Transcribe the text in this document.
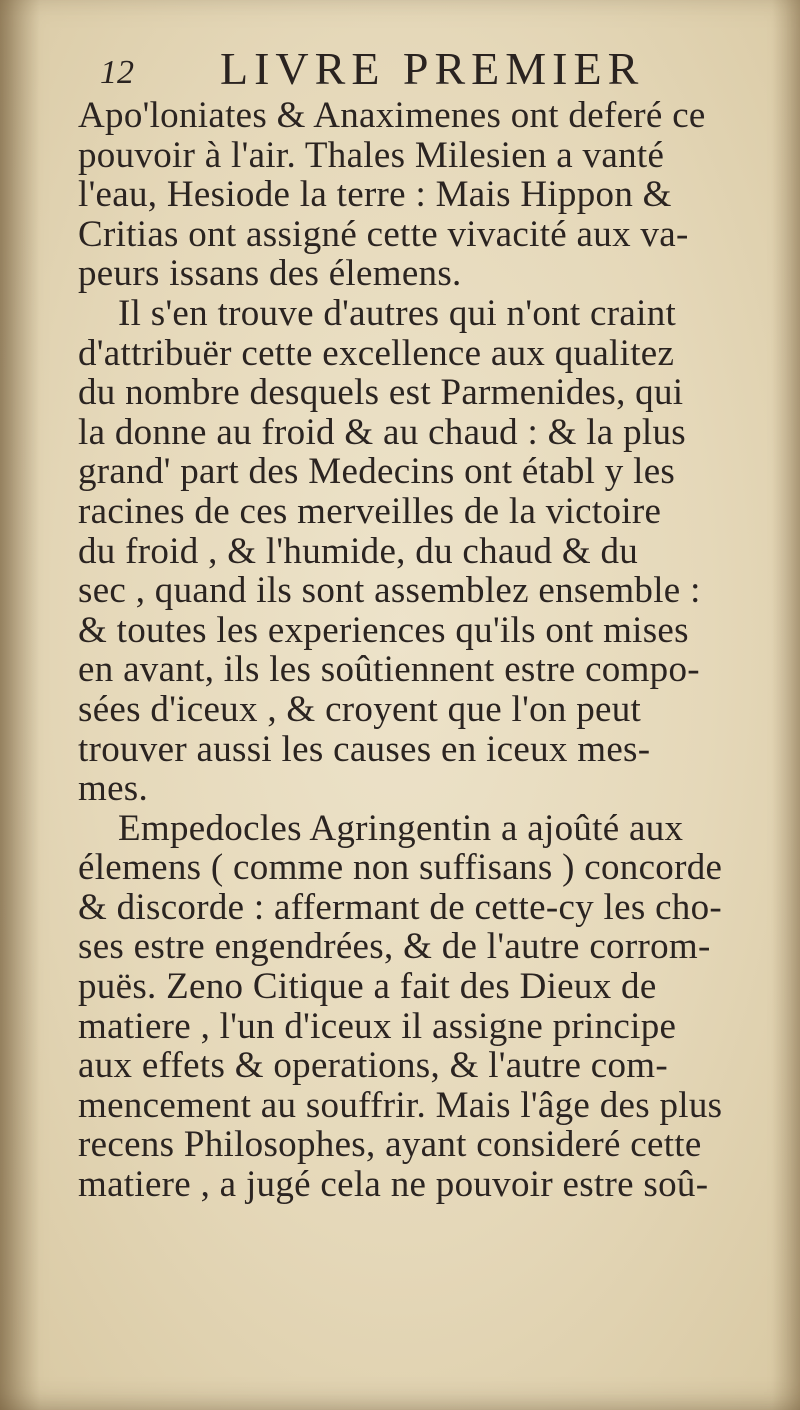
12 LIVRE PREMIER
Apo'loniates & Anaximenes ont deferé ce
pouvoir à l'air. Thales Milesien a vanté
l'eau, Hesiode la terre : Mais Hippon &
Critias ont assigné cette vivacité aux va-
peurs issans des élemens.
Il s'en trouve d'autres qui n'ont craint
d'attribuër cette excellence aux qualitez
du nombre desquels est Parmenides, qui
la donne au froid & au chaud : & la plus
grand' part des Medecins ont établ y les
racines de ces merveilles de la victoire
du froid , & l'humide, du chaud & du
sec , quand ils sont assemblez ensemble :
& toutes les experiences qu'ils ont mises
en avant, ils les soûtiennent estre compo-
sées d'iceux , & croyent que l'on peut
trouver aussi les causes en iceux mes-
mes.
Empedocles Agringentin a ajoûté aux
élemens ( comme non suffisans ) concorde
& discorde : affermant de cette-cy les cho-
ses estre engendrées, & de l'autre corrom-
puës. Zeno Citique a fait des Dieux de
matiere , l'un d'iceux il assigne principe
aux effets & operations, & l'autre com-
mencement au souffrir. Mais l'âge des plus
recens Philosophes, ayant consideré cette
matiere , a jugé cela ne pouvoir estre soû-
